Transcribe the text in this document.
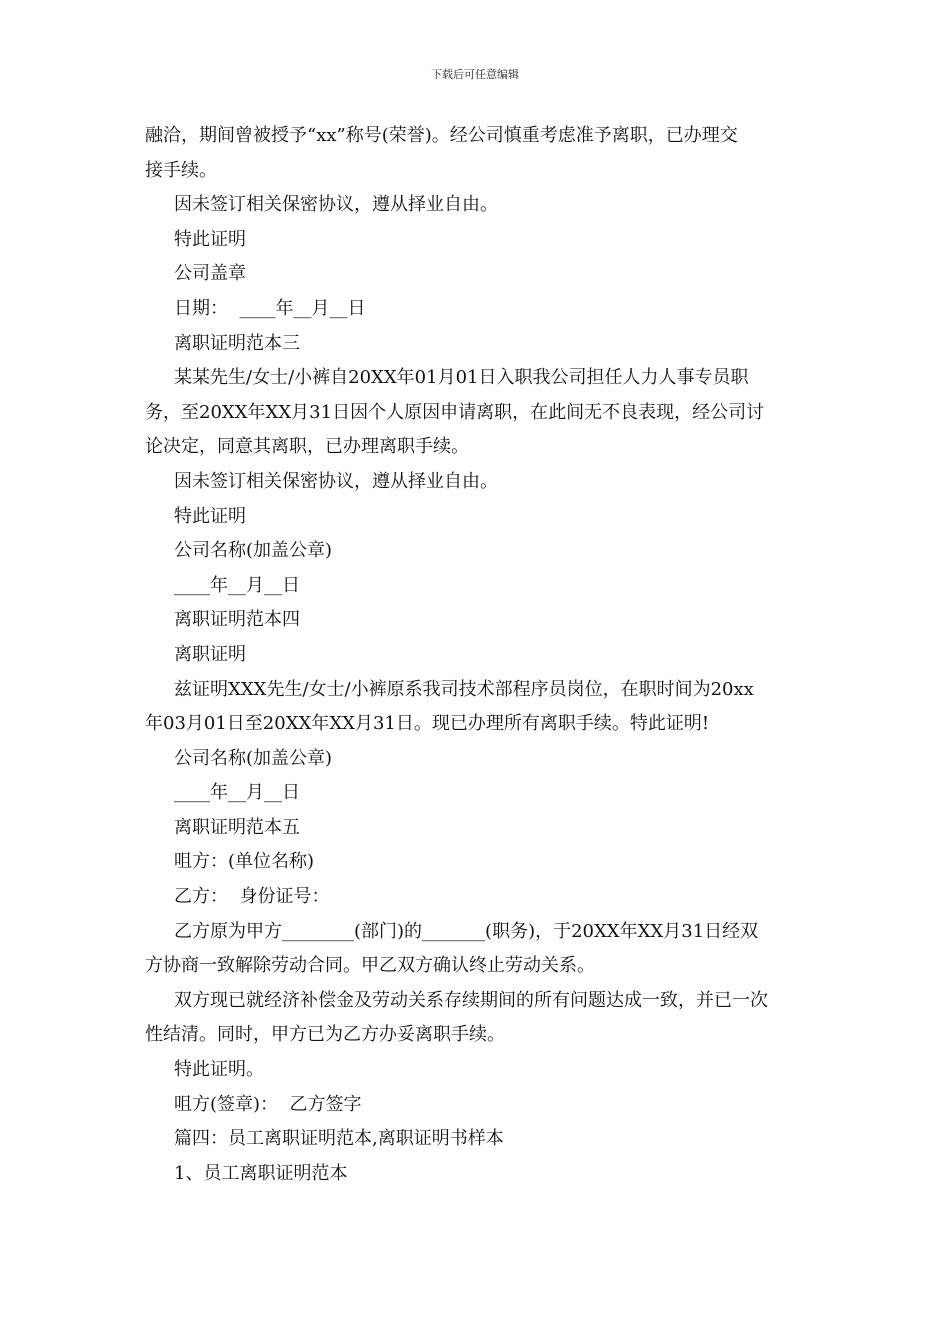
下载后可任意编辑
融洽，期间曾被授予“xx”称号(荣誉)。经公司慎重考虑准予离职，已办理交
接手续。
因未签订相关保密协议，遵从择业自由。
特此证明
公司盖章
日期：  ____年__月__日
离职证明范本三
某某先生/女士/小裤自20XX年01月01日入职我公司担任人力人事专员职
务，至20XX年XX月31日因个人原因申请离职，在此间无不良表现，经公司讨
论决定，同意其离职，已办理离职手续。
因未签订相关保密协议，遵从择业自由。
特此证明
公司名称(加盖公章)
____年__月__日
离职证明范本四
离职证明
兹证明XXX先生/女士/小裤原系我司技术部程序员岗位，在职时间为20xx
年03月01日至20XX年XX月31日。现已办理所有离职手续。特此证明!
公司名称(加盖公章)
____年__月__日
离职证明范本五
咀方：(单位名称)
乙方：  身份证号：
乙方原为甲方________(部门)的_______(职务)，于20XX年XX月31日经双
方协商一致解除劳动合同。甲乙双方确认终止劳动关系。
双方现已就经济补偿金及劳动关系存续期间的所有问题达成一致，并已一次
性结清。同时，甲方已为乙方办妥离职手续。
特此证明。
咀方(签章)：  乙方签字
篇四：员工离职证明范本,离职证明书样本
1、员工离职证明范本
